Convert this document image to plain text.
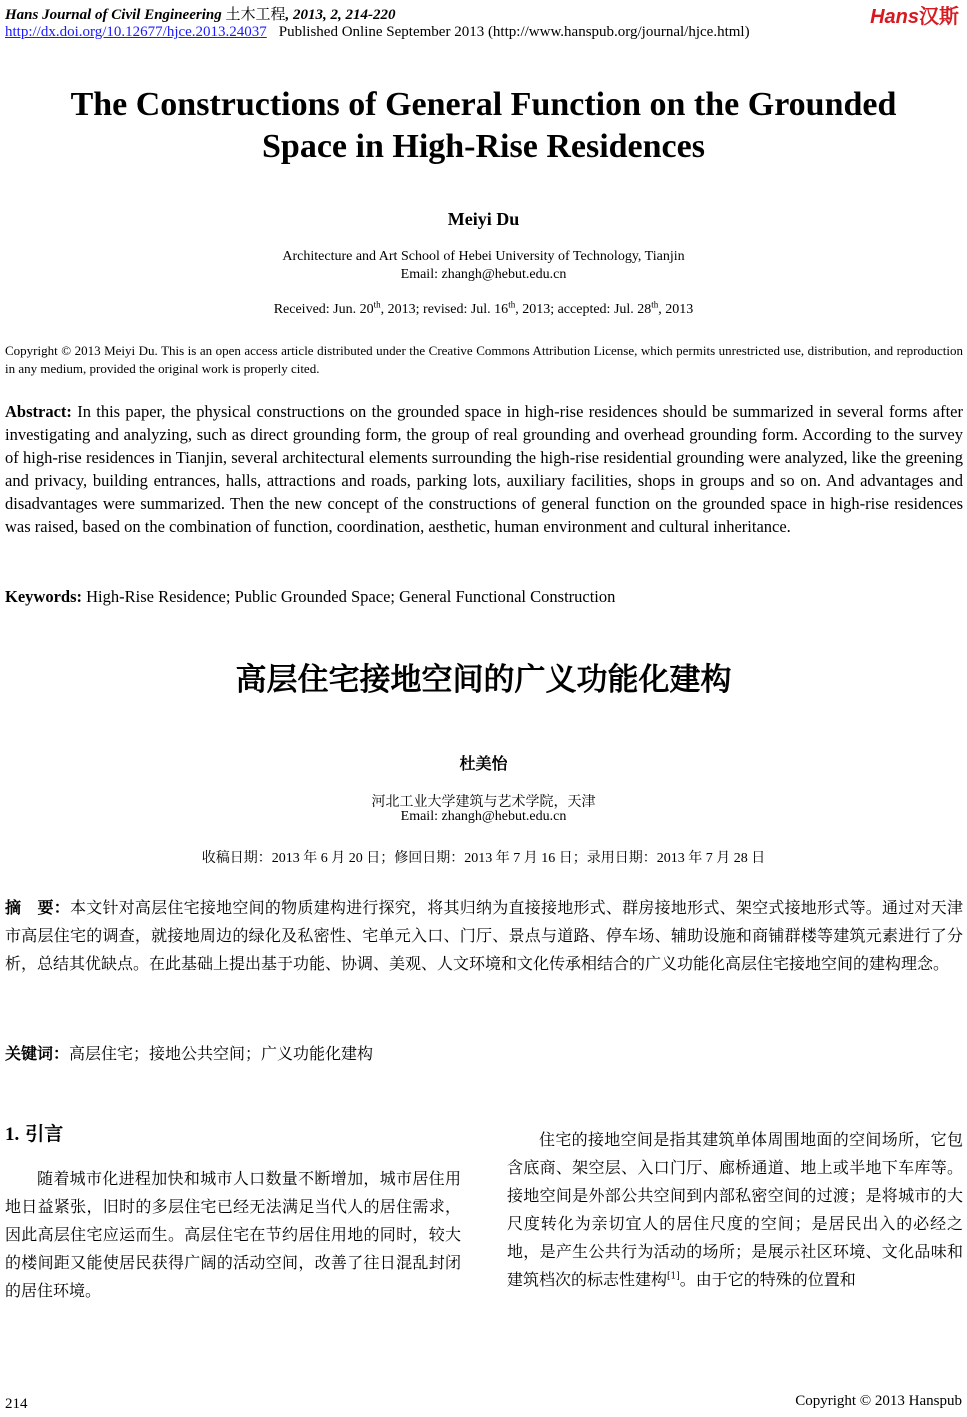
Hans Journal of Civil Engineering 土木工程, 2013, 2, 214-220
http://dx.doi.org/10.12677/hjce.2013.24037 Published Online September 2013 (http://www.hanspub.org/journal/hjce.html)
Hans汉斯
The Constructions of General Function on the Grounded
Space in High-Rise Residences
Meiyi Du
Architecture and Art School of Hebei University of Technology, Tianjin
Email: zhangh@hebut.edu.cn
Received: Jun. 20th, 2013; revised: Jul. 16th, 2013; accepted: Jul. 28th, 2013
Copyright © 2013 Meiyi Du. This is an open access article distributed under the Creative Commons Attribution License, which permits unrestricted use, distribution, and reproduction in any medium, provided the original work is properly cited.
Abstract: In this paper, the physical constructions on the grounded space in high-rise residences should be summarized in several forms after investigating and analyzing, such as direct grounding form, the group of real grounding and overhead grounding form. According to the survey of high-rise residences in Tianjin, several architectural elements surrounding the high-rise residential grounding were analyzed, like the greening and privacy, building entrances, halls, attractions and roads, parking lots, auxiliary facilities, shops in groups and so on. And advantages and disadvantages were summarized. Then the new concept of the constructions of general function on the grounded space in high-rise residences was raised, based on the combination of function, coordination, aesthetic, human environment and cultural inheritance.
Keywords: High-Rise Residence; Public Grounded Space; General Functional Construction
高层住宅接地空间的广义功能化建构
杜美怡
河北工业大学建筑与艺术学院，天津
Email: zhangh@hebut.edu.cn
收稿日期：2013 年 6 月 20 日；修回日期：2013 年 7 月 16 日；录用日期：2013 年 7 月 28 日
摘　要：本文针对高层住宅接地空间的物质建构进行探究，将其归纳为直接接地形式、群房接地形式、架空式接地形式等。通过对天津市高层住宅的调查，就接地周边的绿化及私密性、宅单元入口、门厅、景点与道路、停车场、辅助设施和商铺群楼等建筑元素进行了分析，总结其优缺点。在此基础上提出基于功能、协调、美观、人文环境和文化传承相结合的广义功能化高层住宅接地空间的建构理念。
关键词：高层住宅；接地公共空间；广义功能化建构
1. 引言

随着城市化进程加快和城市人口数量不断增加，城市居住用地日益紧张，旧时的多层住宅已经无法满足当代人的居住需求，因此高层住宅应运而生。高层住宅在节约居住用地的同时，较大的楼间距又能使居民获得广阔的活动空间，改善了往日混乱封闭的居住环境。

住宅的接地空间是指其建筑单体周围地面的空间场所，它包含底商、架空层、入口门厅、廊桥通道、地上或半地下车库等。接地空间是外部公共空间到内部私密空间的过渡；是将城市的大尺度转化为亲切宜人的居住尺度的空间；是居民出入的必经之地，是产生公共行为活动的场所；是展示社区环境、文化品味和建筑档次的标志性建构[1]。由于它的特殊的位置和

214	Copyright © 2013 Hanspub
